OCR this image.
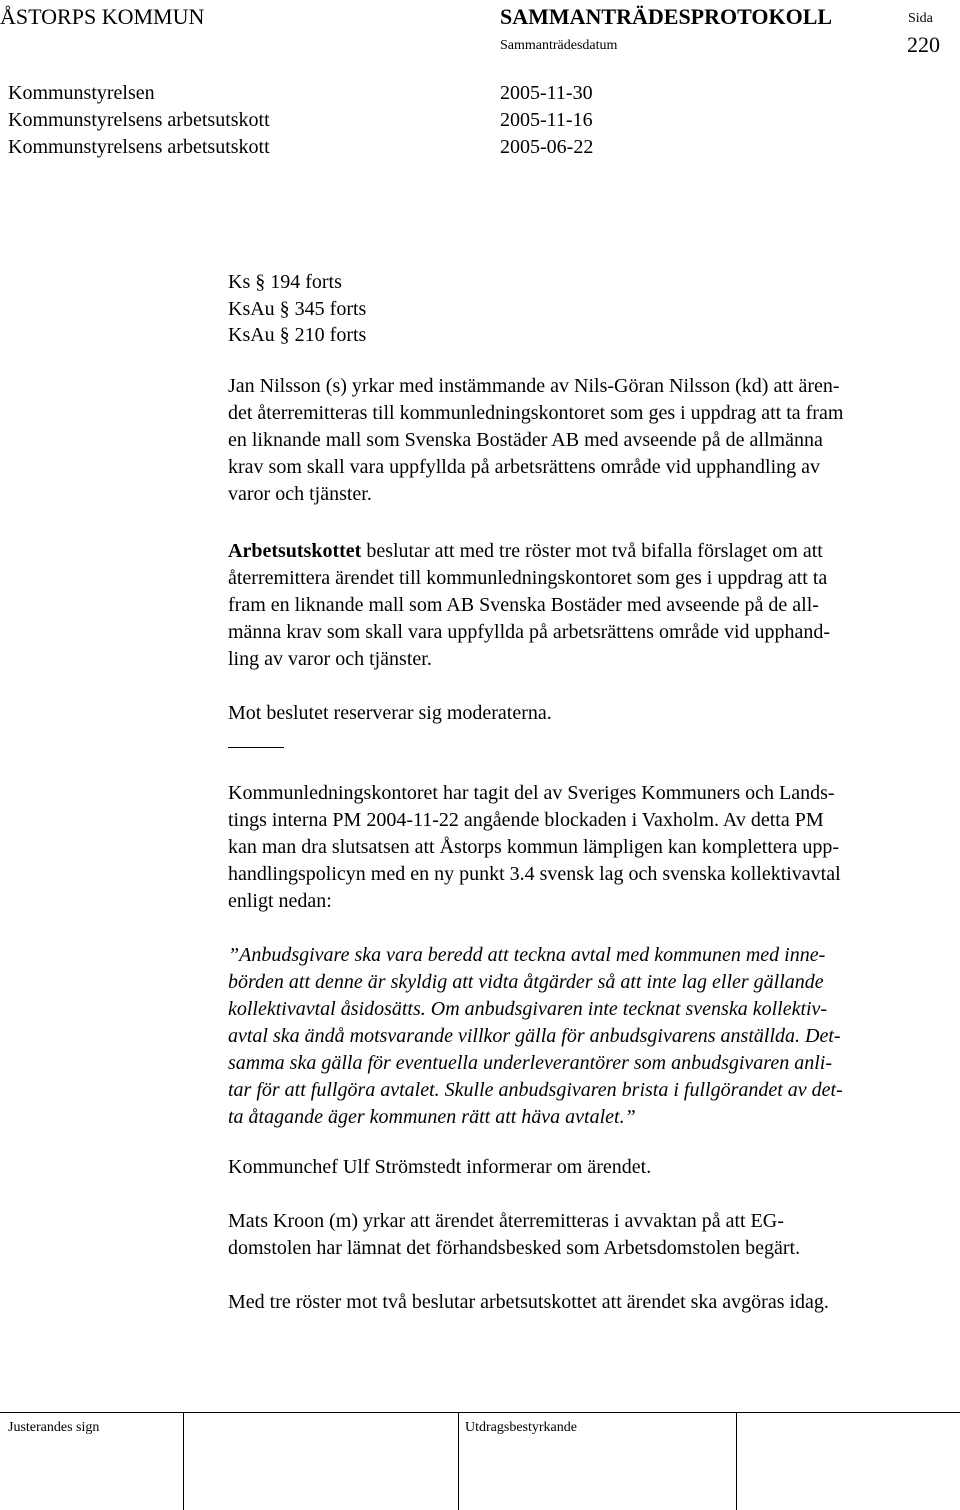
ÅSTORPS KOMMUN	SAMMANTRÄDESPROTOKOLL	Sida
Sammanträdesdatum	220
Kommunstyrelsen	2005-11-30
Kommunstyrelsens arbetsutskott	2005-11-16
Kommunstyrelsens arbetsutskott	2005-06-22
Ks § 194 forts
KsAu § 345 forts
KsAu § 210 forts
Jan Nilsson (s) yrkar med instämmande av Nils-Göran Nilsson (kd) att ären-
det återremitteras till kommunledningskontoret som ges i uppdrag att ta fram
en liknande mall som Svenska Bostäder AB med avseende på de allmänna
krav som skall vara uppfyllda på arbetsrättens område vid upphandling av
varor och tjänster.
Arbetsutskottet beslutar att med tre röster mot två bifalla förslaget om att
återremittera ärendet till kommunledningskontoret som ges i uppdrag att ta
fram en liknande mall som AB Svenska Bostäder med avseende på de all-
männa krav som skall vara uppfyllda på arbetsrättens område vid upphand-
ling av varor och tjänster.
Mot beslutet reserverar sig moderaterna.
Kommunledningskontoret har tagit del av Sveriges Kommuners och Lands-
tings interna PM 2004-11-22 angående blockaden i Vaxholm. Av detta PM
kan man dra slutsatsen att Åstorps kommun lämpligen kan komplettera upp-
handlingspolicyn med en ny punkt 3.4 svensk lag och svenska kollektivavtal
enligt nedan:
”Anbudsgivare ska vara beredd att teckna avtal med kommunen med inne-
börden att denne är skyldig att vidta åtgärder så att inte lag eller gällande
kollektivavtal åsidosätts. Om anbudsgivaren inte tecknat svenska kollektiv-
avtal ska ändå motsvarande villkor gälla för anbudsgivarens anställda. Det-
samma ska gälla för eventuella underleverantörer som anbudsgivaren anli-
tar för att fullgöra avtalet. Skulle anbudsgivaren brista i fullgörandet av det-
ta åtagande äger kommunen rätt att häva avtalet.”
Kommunchef Ulf Strömstedt informerar om ärendet.
Mats Kroon (m) yrkar att ärendet återremitteras i avvaktan på att EG-
domstolen har lämnat det förhandsbesked som Arbetsdomstolen begärt.
Med tre röster mot två beslutar arbetsutskottet att ärendet ska avgöras idag.
Justerandes sign	Utdragsbestyrkande
